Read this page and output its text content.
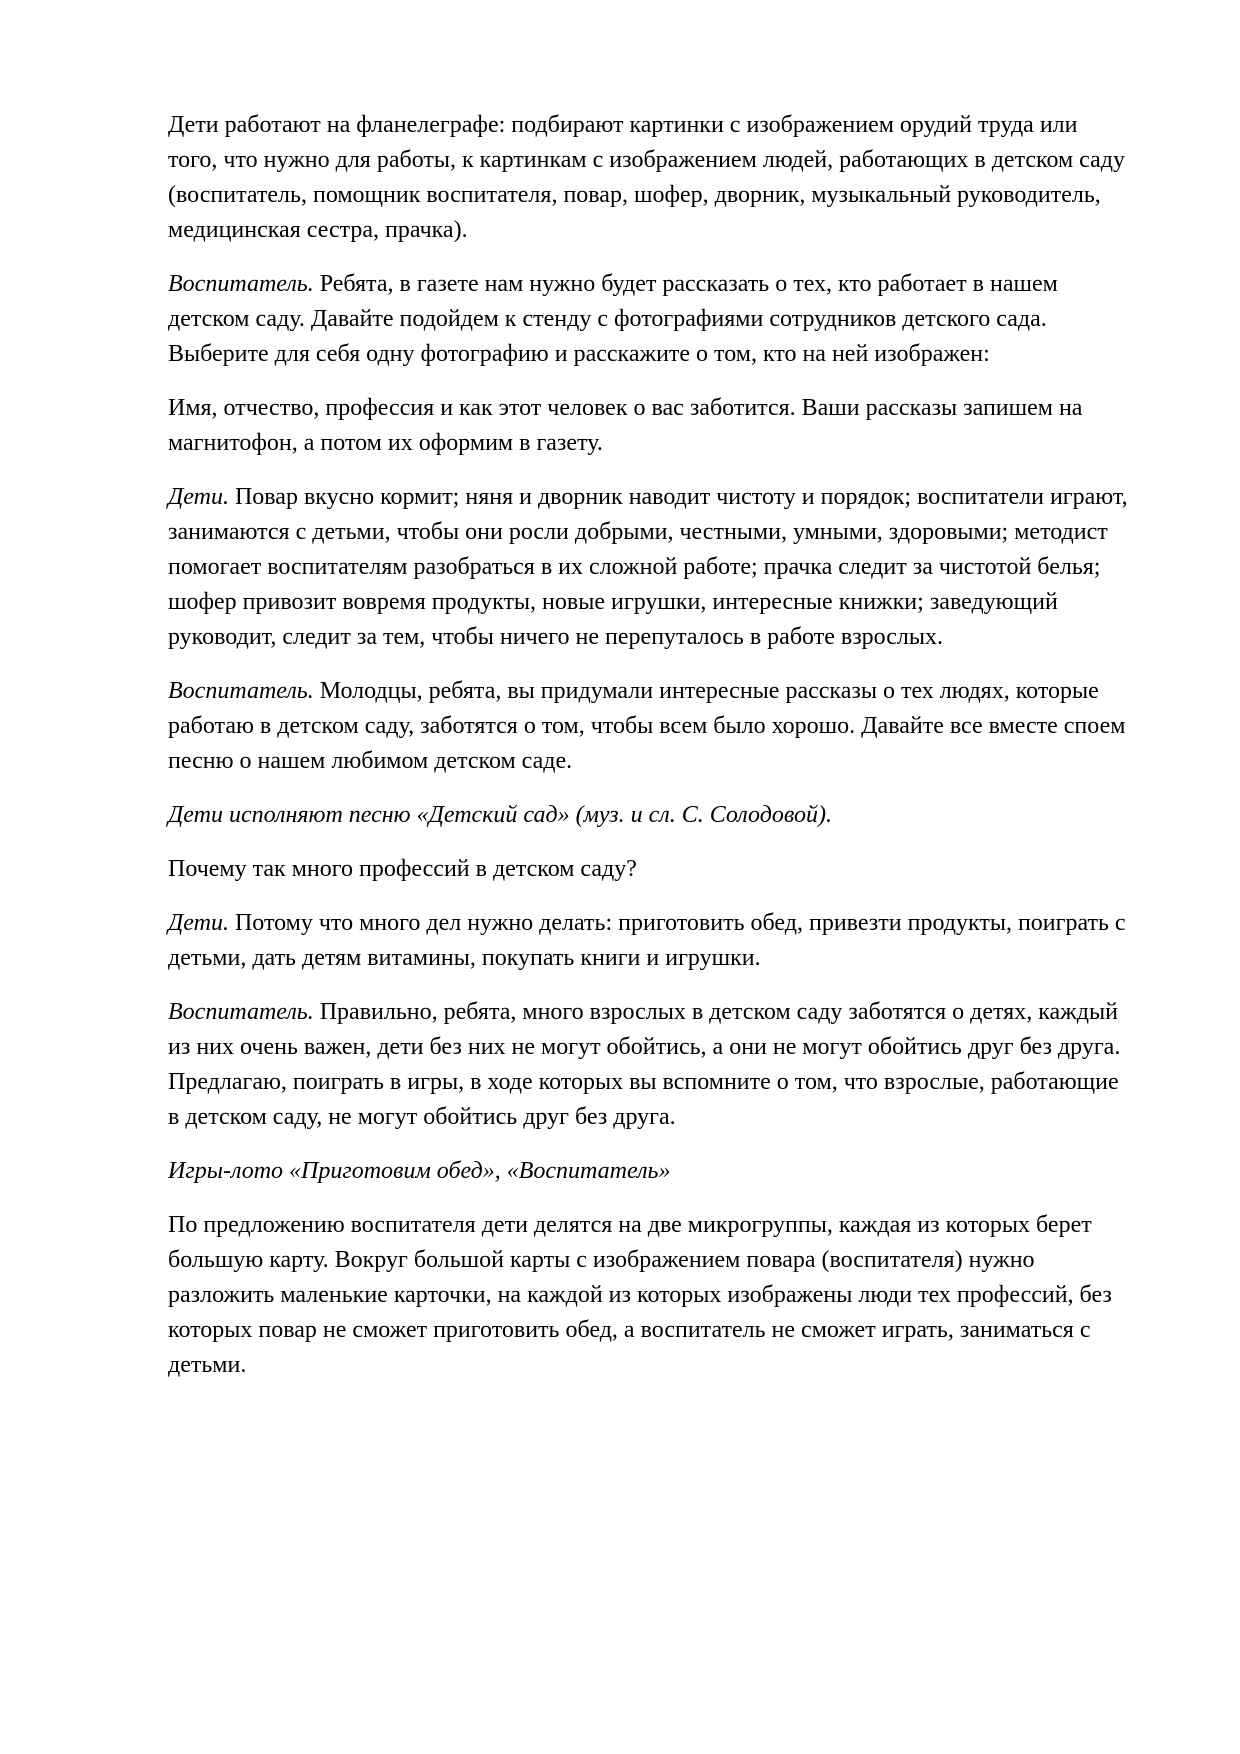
Дети работают на фланелеграфе: подбирают картинки с изображением орудий труда или того, что нужно для работы, к картинкам с изображением людей, работающих в детском саду (воспитатель, помощник воспитателя, повар, шофер, дворник, музыкальный руководитель, медицинская сестра, прачка).

Воспитатель. Ребята, в газете нам нужно будет рассказать о тех, кто работает в нашем детском саду. Давайте подойдем к стенду с фотографиями сотрудников детского сада. Выберите для себя одну фотографию и расскажите о том, кто на ней изображен:

Имя, отчество, профессия и как этот человек о вас заботится. Ваши рассказы запишем на магнитофон, а потом их оформим в газету.

Дети. Повар вкусно кормит; няня и дворник наводит чистоту и порядок; воспитатели играют, занимаются с детьми, чтобы они росли добрыми, честными, умными, здоровыми; методист помогает воспитателям разобраться в их сложной работе; прачка следит за чистотой белья; шофер привозит вовремя продукты, новые игрушки, интересные книжки; заведующий руководит, следит за тем, чтобы ничего не перепуталось в работе взрослых.

Воспитатель. Молодцы, ребята, вы придумали интересные рассказы о тех людях, которые работаю в детском саду, заботятся о том, чтобы всем было хорошо. Давайте все вместе споем песню о нашем любимом детском саде.

Дети исполняют песню «Детский сад» (муз. и сл. С. Солодовой).

Почему так много профессий в детском саду?

Дети. Потому что много дел нужно делать: приготовить обед, привезти продукты, поиграть с детьми, дать детям витамины, покупать книги и игрушки.

Воспитатель. Правильно, ребята, много взрослых в детском саду заботятся о детях, каждый из них очень важен, дети без них не могут обойтись, а они не могут обойтись друг без друга. Предлагаю, поиграть в игры, в ходе которых вы вспомните о том, что взрослые, работающие в детском саду, не могут обойтись друг без друга.

Игры-лото «Приготовим обед», «Воспитатель»

По предложению воспитателя дети делятся на две микрогруппы, каждая из которых берет большую карту. Вокруг большой карты с изображением повара (воспитателя) нужно разложить маленькие карточки, на каждой из которых изображены люди тех профессий, без которых повар не сможет приготовить обед, а воспитатель не сможет играть, заниматься с детьми.
